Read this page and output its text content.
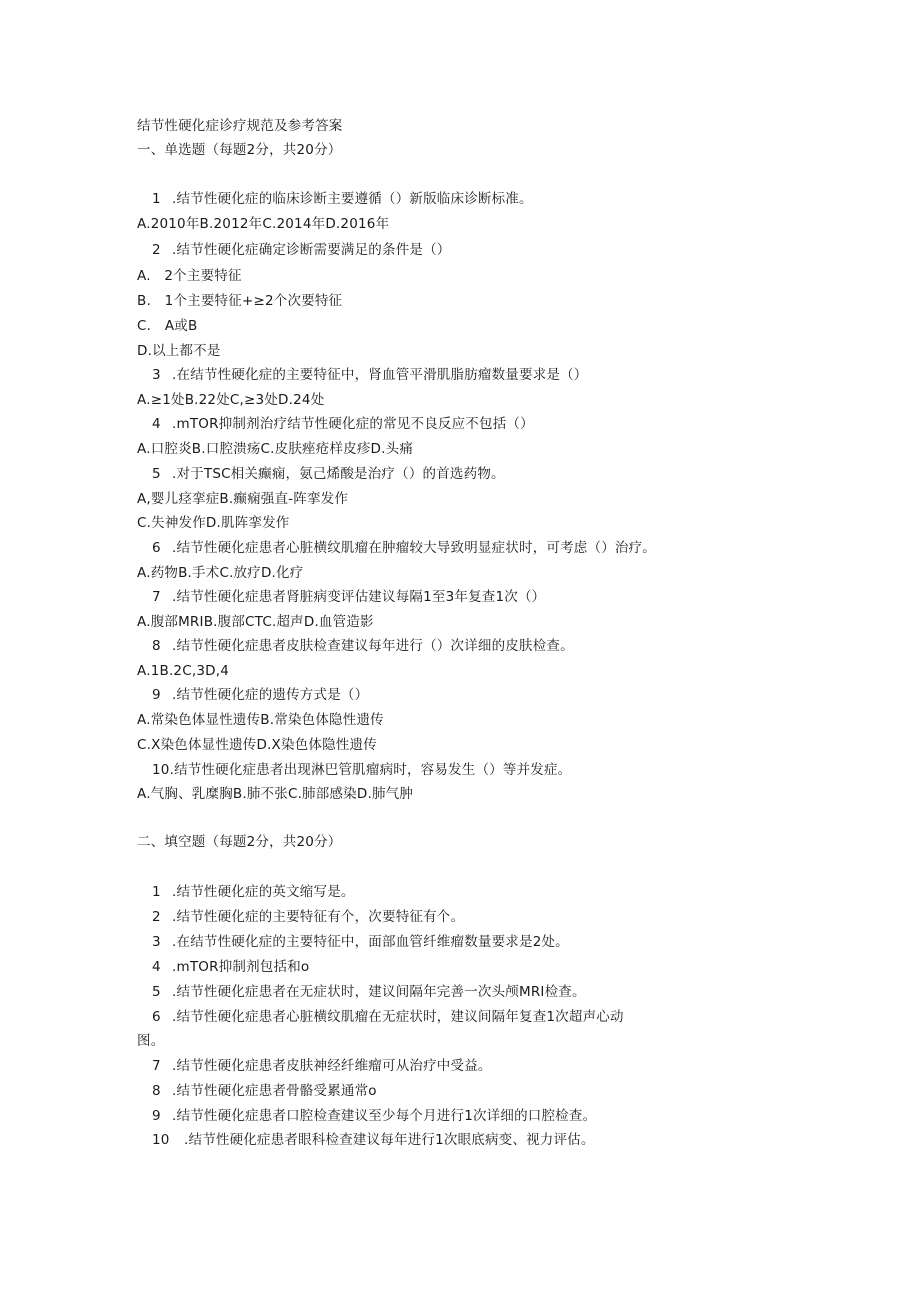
结节性硬化症诊疗规范及参考答案
一、单选题（每题2分，共20分）
1 .结节性硬化症的临床诊断主要遵循（）新版临床诊断标准。
A.2010年B.2012年C.2014年D.2016年
2 .结节性硬化症确定诊断需要满足的条件是（）
A.　2个主要特征
B.　1个主要特征+≥2个次要特征
C.　A或B
D.以上都不是
3 .在结节性硬化症的主要特征中，肾血管平滑肌脂肪瘤数量要求是（）
A.≥1处B.22处C,≥3处D.24处
4 .mTOR抑制剂治疗结节性硬化症的常见不良反应不包括（）
A.口腔炎B.口腔溃疡C.皮肤痤疮样皮疹D.头痛
5 .对于TSC相关癫痫，氨己烯酸是治疗（）的首选药物。
A,婴儿痉挛症B.癫痫强直-阵挛发作
C.失神发作D.肌阵挛发作
6 .结节性硬化症患者心脏横纹肌瘤在肿瘤较大导致明显症状时，可考虑（）治疗。
A.药物B.手术C.放疗D.化疗
7 .结节性硬化症患者肾脏病变评估建议每隔1至3年复查1次（）
A.腹部MRIB.腹部CTC.超声D.血管造影
8 .结节性硬化症患者皮肤检查建议每年进行（）次详细的皮肤检查。
A.1B.2C,3D,4
9 .结节性硬化症的遗传方式是（）
A.常染色体显性遗传B.常染色体隐性遗传
C.X染色体显性遗传D.X染色体隐性遗传
10.结节性硬化症患者出现淋巴管肌瘤病时，容易发生（）等并发症。
A.气胸、乳糜胸B.肺不张C.肺部感染D.肺气肿
二、填空题（每题2分，共20分）
1 .结节性硬化症的英文缩写是。
2 .结节性硬化症的主要特征有个，次要特征有个。
3 .在结节性硬化症的主要特征中，面部血管纤维瘤数量要求是2处。
4 .mTOR抑制剂包括和o
5 .结节性硬化症患者在无症状时，建议间隔年完善一次头颅MRI检查。
6 .结节性硬化症患者心脏横纹肌瘤在无症状时，建议间隔年复查1次超声心动
图。
7 .结节性硬化症患者皮肤神经纤维瘤可从治疗中受益。
8 .结节性硬化症患者骨骼受累通常o
9 .结节性硬化症患者口腔检查建议至少每个月进行1次详细的口腔检查。
10 .结节性硬化症患者眼科检查建议每年进行1次眼底病变、视力评估。
